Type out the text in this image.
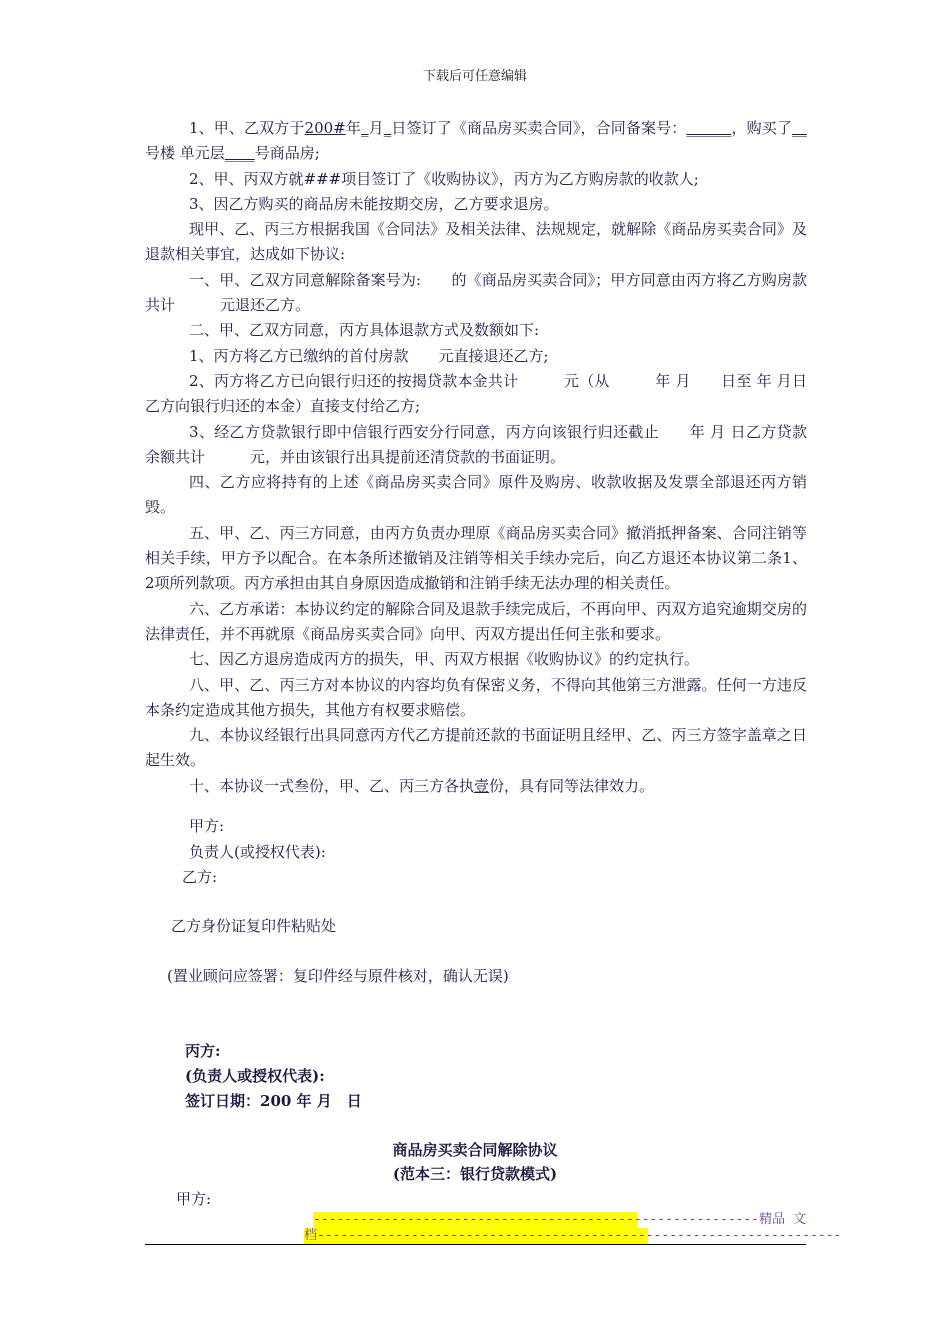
下载后可任意编辑

1、甲、乙双方于200#年_月_日签订了《商品房买卖合同》，合同备案号：______，购买了__号楼 单元层____号商品房;

2、甲、丙双方就###项目签订了《收购协议》，丙方为乙方购房款的收款人;

3、因乙方购买的商品房未能按期交房，乙方要求退房。

现甲、乙、丙三方根据我国《合同法》及相关法律、法规规定，就解除《商品房买卖合同》及退款相关事宜，达成如下协议:

一、甲、乙双方同意解除备案号为:　　的《商品房买卖合同》；甲方同意由丙方将乙方购房款共计　　　元退还乙方。

二、甲、乙双方同意，丙方具体退款方式及数额如下:

1、丙方将乙方已缴纳的首付房款　　元直接退还乙方;

2、丙方将乙方已向银行归还的按揭贷款本金共计　　　元（从　　　年 月　　日至 年 月日乙方向银行归还的本金）直接支付给乙方;

3、经乙方贷款银行即中信银行西安分行同意，丙方向该银行归还截止　　年 月 日乙方贷款余额共计　　　元，并由该银行出具提前还清贷款的书面证明。

四、乙方应将持有的上述《商品房买卖合同》原件及购房、收款收据及发票全部退还丙方销毁。

五、甲、乙、丙三方同意，由丙方负责办理原《商品房买卖合同》撤消抵押备案、合同注销等相关手续，甲方予以配合。在本条所述撤销及注销等相关手续办完后，向乙方退还本协议第二条1、2项所列款项。丙方承担由其自身原因造成撤销和注销手续无法办理的相关责任。

六、乙方承诺：本协议约定的解除合同及退款手续完成后，不再向甲、丙双方追究逾期交房的法律责任，并不再就原《商品房买卖合同》向甲、丙双方提出任何主张和要求。

七、因乙方退房造成丙方的损失，甲、丙双方根据《收购协议》的约定执行。

八、甲、乙、丙三方对本协议的内容均负有保密义务，不得向其他第三方泄露。任何一方违反本条约定造成其他方损失，其他方有权要求赔偿。

九、本协议经银行出具同意丙方代乙方提前还款的书面证明且经甲、乙、丙三方签字盖章之日起生效。

十、本协议一式叁份，甲、乙、丙三方各执壹份，具有同等法律效力。

甲方:
负责人(或授权代表):
乙方:
乙方身份证复印件粘贴处
(置业顾问应签署：复印件经与原件核对，确认无误)
丙方:
(负责人或授权代表):
签订日期：200 年 月　日
商品房买卖合同解除协议
(范本三：银行贷款模式)
甲方:
---------------------------------------------------------精品 文
档-------------------------------------------------------------------
